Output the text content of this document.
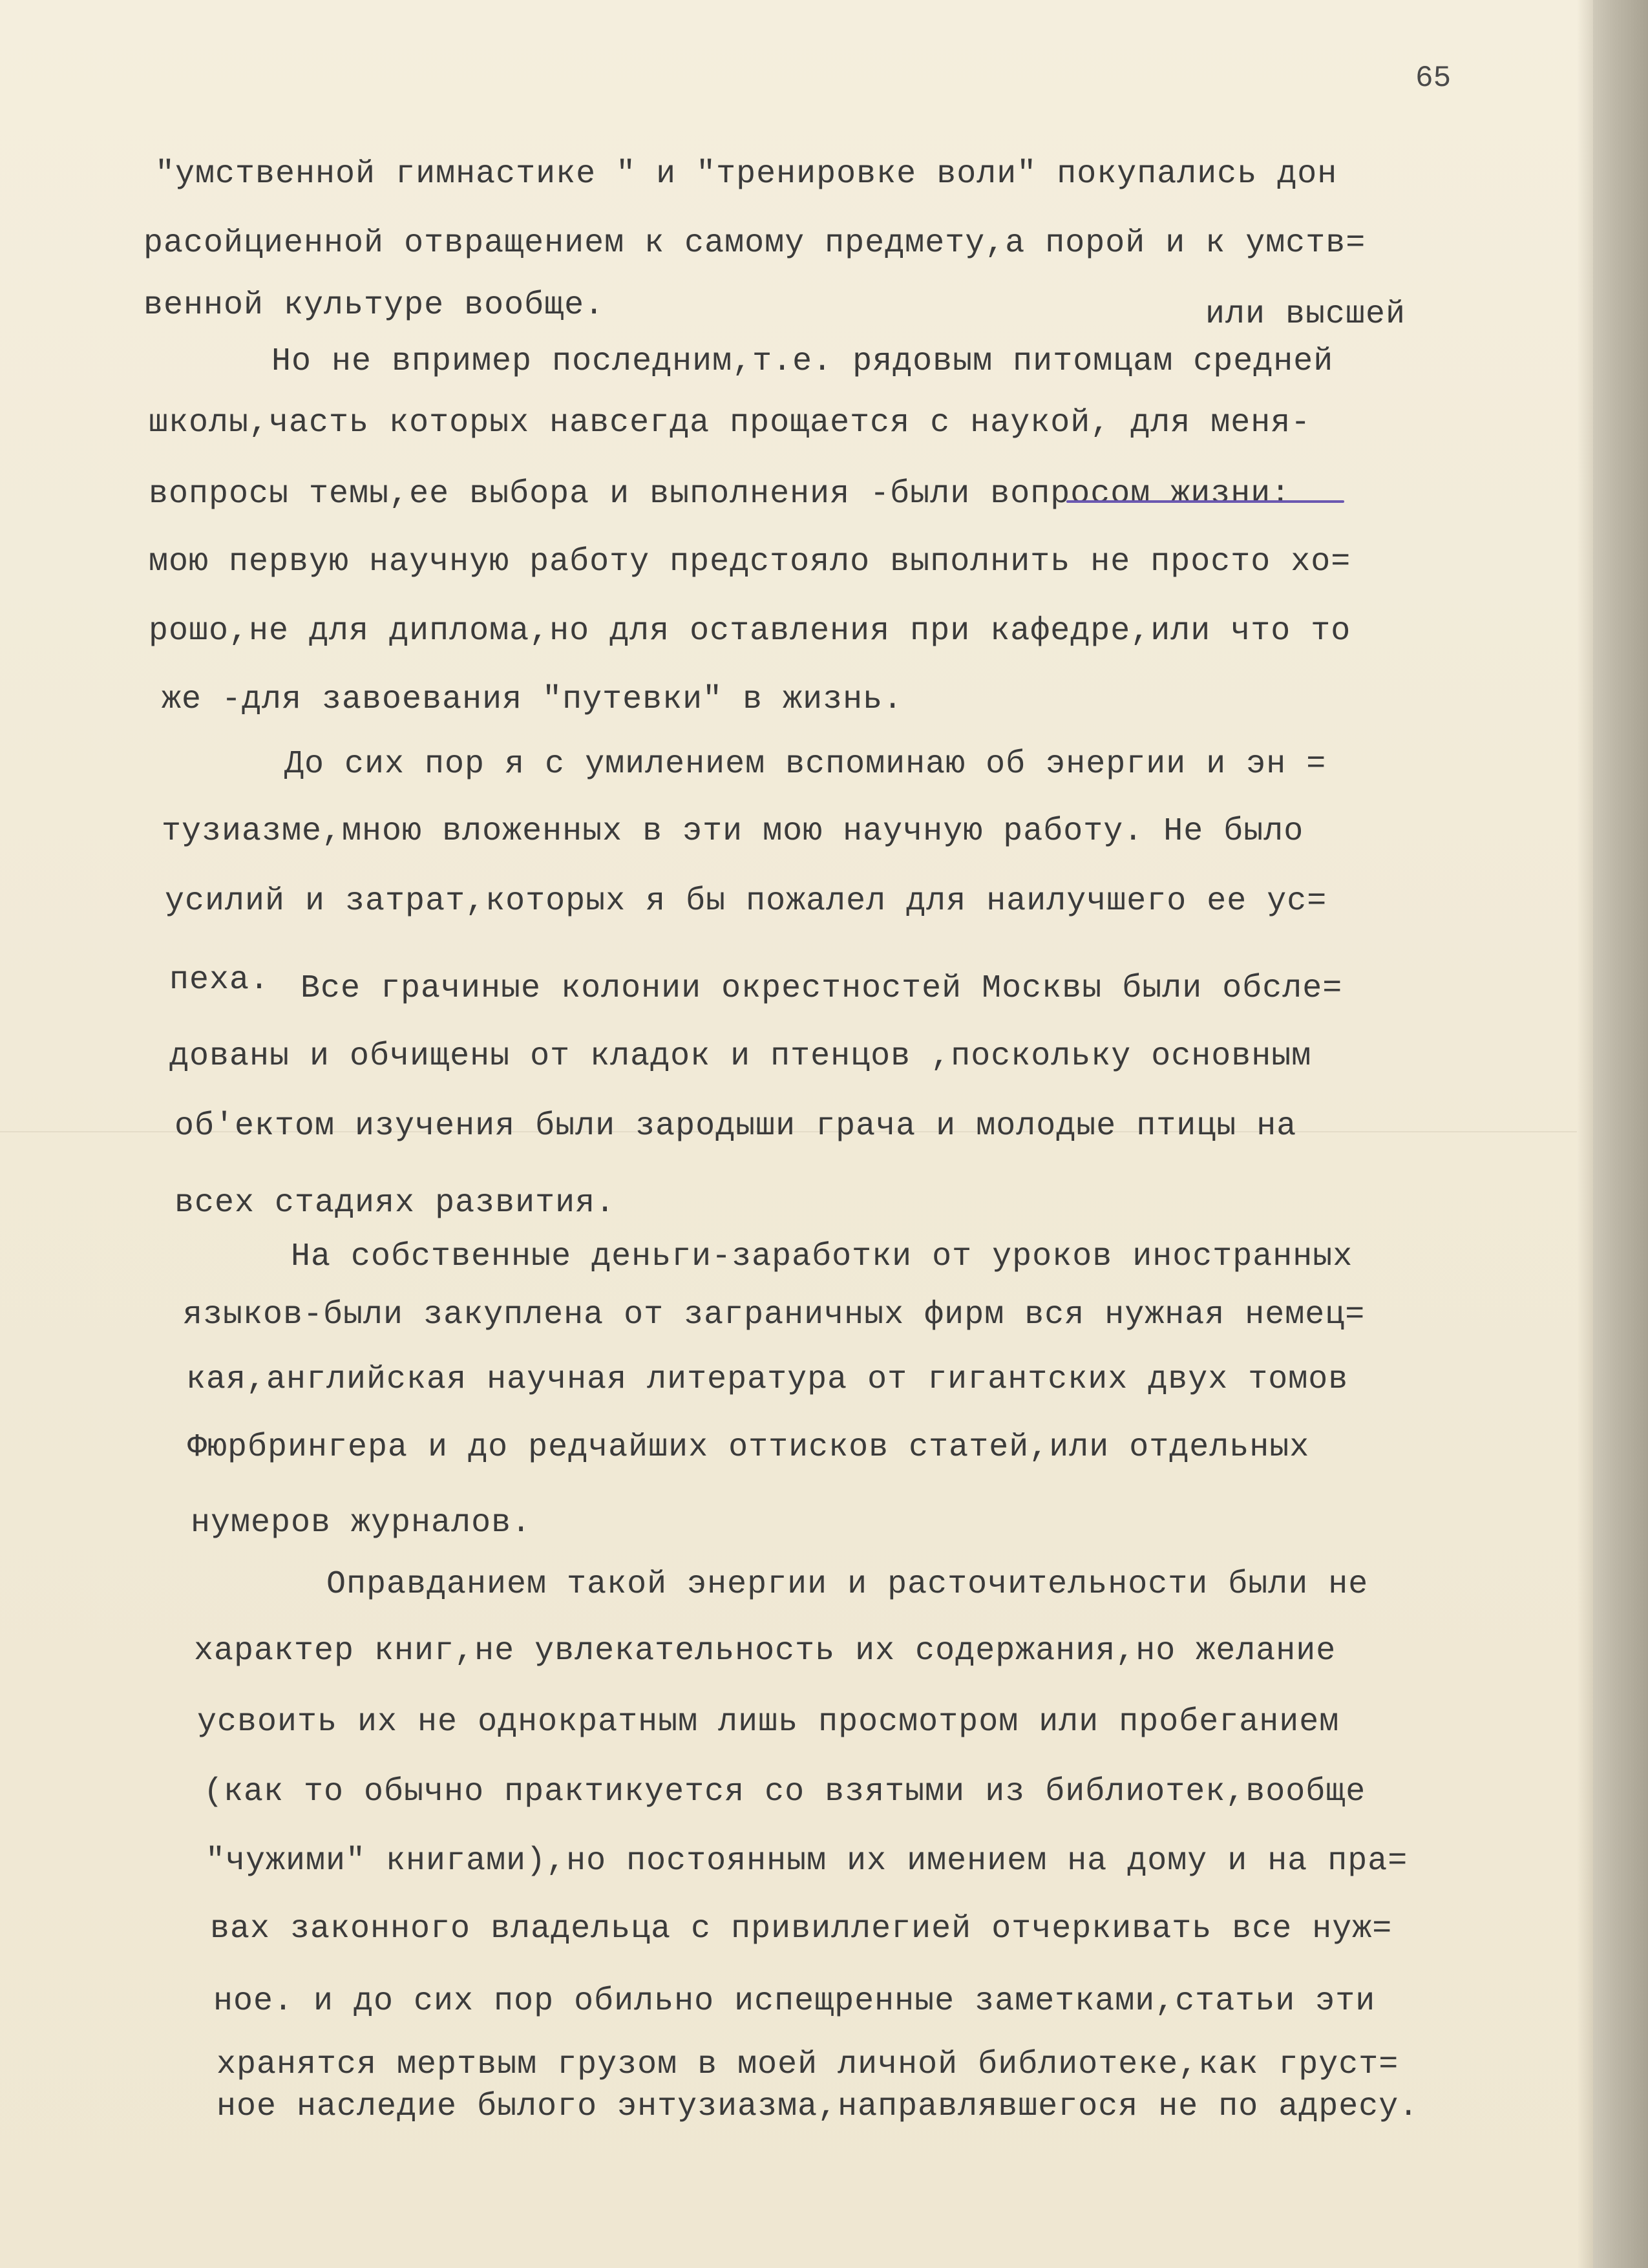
65
"умственной гимнастике " и "тренировке воли" покупались дон
расойциенной отвращением к самому предмету,а порой и к умств=
венной культуре вообще.	или высшей
Но не впример последним,т.е. рядовым питомцам средней
школы,часть которых навсегда прощается с наукой, для меня-
вопросы темы,ее выбора и выполнения -были вопросом жизни:
мою первую научную работу предстояло выполнить не просто хо=
рошо,не для диплома,но для оставления при кафедре,или что то
же -для завоевания "путевки" в жизнь.
До сих пор я с умилением вспоминаю об энергии и эн =
тузиазме,мною вложенных в эти мою научную работу. Не было
усилий и затрат,которых я бы пожалел для наилучшего ее ус=
пеха. Все грачиные колонии окрестностей Москвы были обсле=
дованы и обчищены от кладок и птенцов ,поскольку основным
об'ектом изучения были зародыши грача и молодые птицы на
всех стадиях развития.
На собственные деньги-заработки от уроков иностранных
языков-были закуплена от заграничных фирм вся нужная немец=
кая,английская научная литература от гигантских двух томов
Фюрбрингера и до редчайших оттисков статей,или отдельных
нумеров журналов.
Оправданием такой энергии и расточительности были не
характер книг,не увлекательность их содержания,но желание
усвоить их не однократным лишь просмотром или пробеганием
(как то обычно практикуется со взятыми из библиотек,вообще
"чужими" книгами),но постоянным их имением на дому и на пра=
вах законного владельца с привиллегией отчеркивать все нуж=
ное. и до сих пор обильно испещренные заметками,статьи эти
хранятся мертвым грузом в моей личной библиотеке,как груст=
ное наследие былого энтузиазма,направлявшегося не по адресу.
